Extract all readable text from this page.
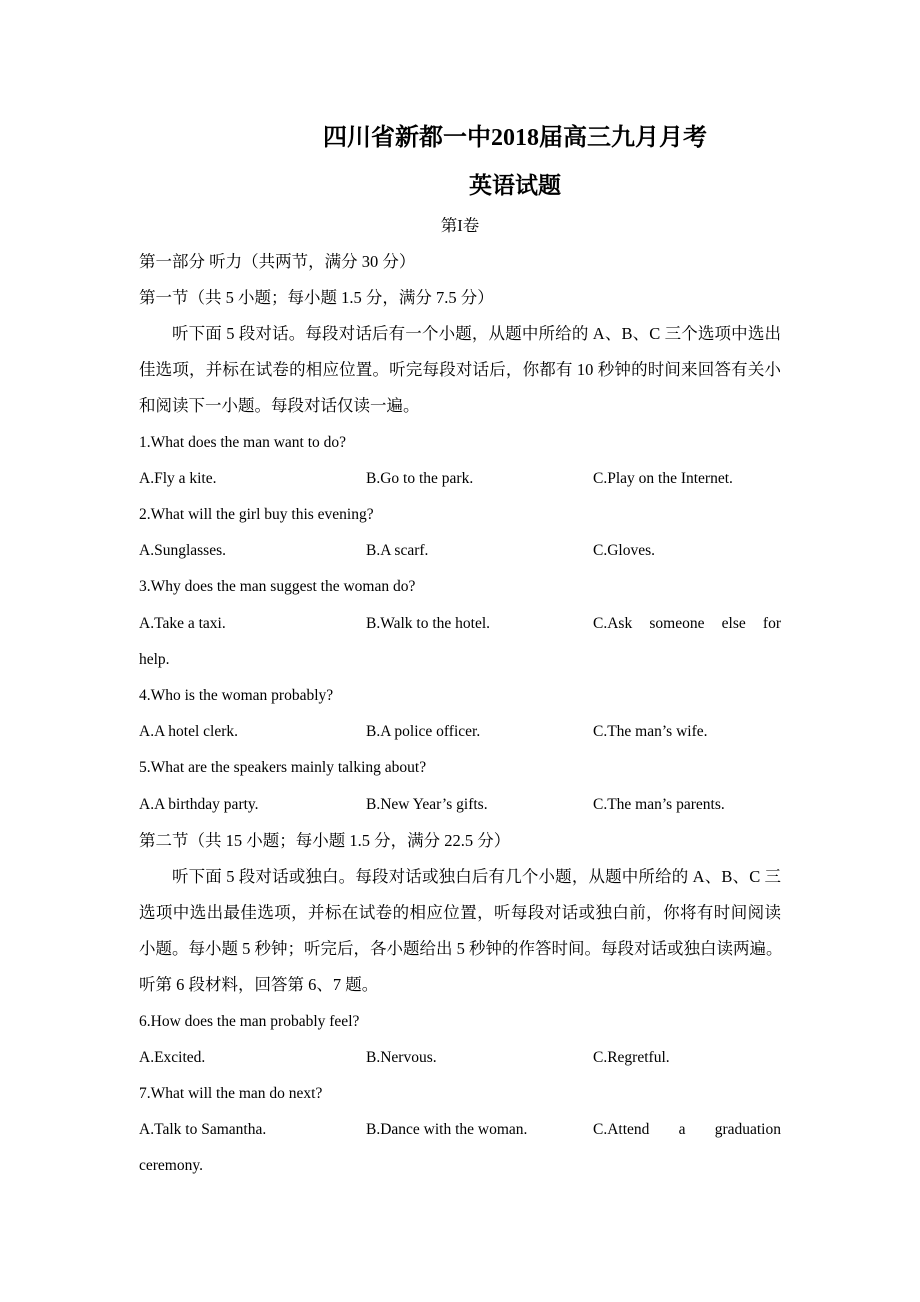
四川省新都一中2018届高三九月月考
英语试题
第I卷
第一部分 听力（共两节，满分 30 分）
第一节（共 5 小题；每小题 1.5 分，满分 7.5 分）
听下面 5 段对话。每段对话后有一个小题，从题中所给的 A、B、C 三个选项中选出
佳选项，并标在试卷的相应位置。听完每段对话后，你都有 10 秒钟的时间来回答有关小
和阅读下一小题。每段对话仅读一遍。
1.What does the man want to do?
A.Fly a kite.	B.Go to the park.	C.Play on the Internet.
2.What will the girl buy this evening?
A.Sunglasses.	B.A scarf.	C.Gloves.
3.Why does the man suggest the woman do?
A.Take a taxi.	B.Walk to the hotel.	C.Ask someone else for
help.
4.Who is the woman probably?
A.A hotel clerk.	B.A police officer.	C.The man’s wife.
5.What are the speakers mainly talking about?
A.A birthday party.	B.New Year’s gifts.	C.The man’s parents.
第二节（共 15 小题；每小题 1.5 分，满分 22.5 分）
听下面 5 段对话或独白。每段对话或独白后有几个小题，从题中所给的 A、B、C 三
选项中选出最佳选项，并标在试卷的相应位置，听每段对话或独白前，你将有时间阅读
小题。每小题 5 秒钟；听完后，各小题给出 5 秒钟的作答时间。每段对话或独白读两遍。
听第 6 段材料，回答第 6、7 题。
6.How does the man probably feel?
A.Excited.	B.Nervous.	C.Regretful.
7.What will the man do next?
A.Talk to Samantha.	B.Dance with the woman.	C.Attend a graduation
ceremony.
